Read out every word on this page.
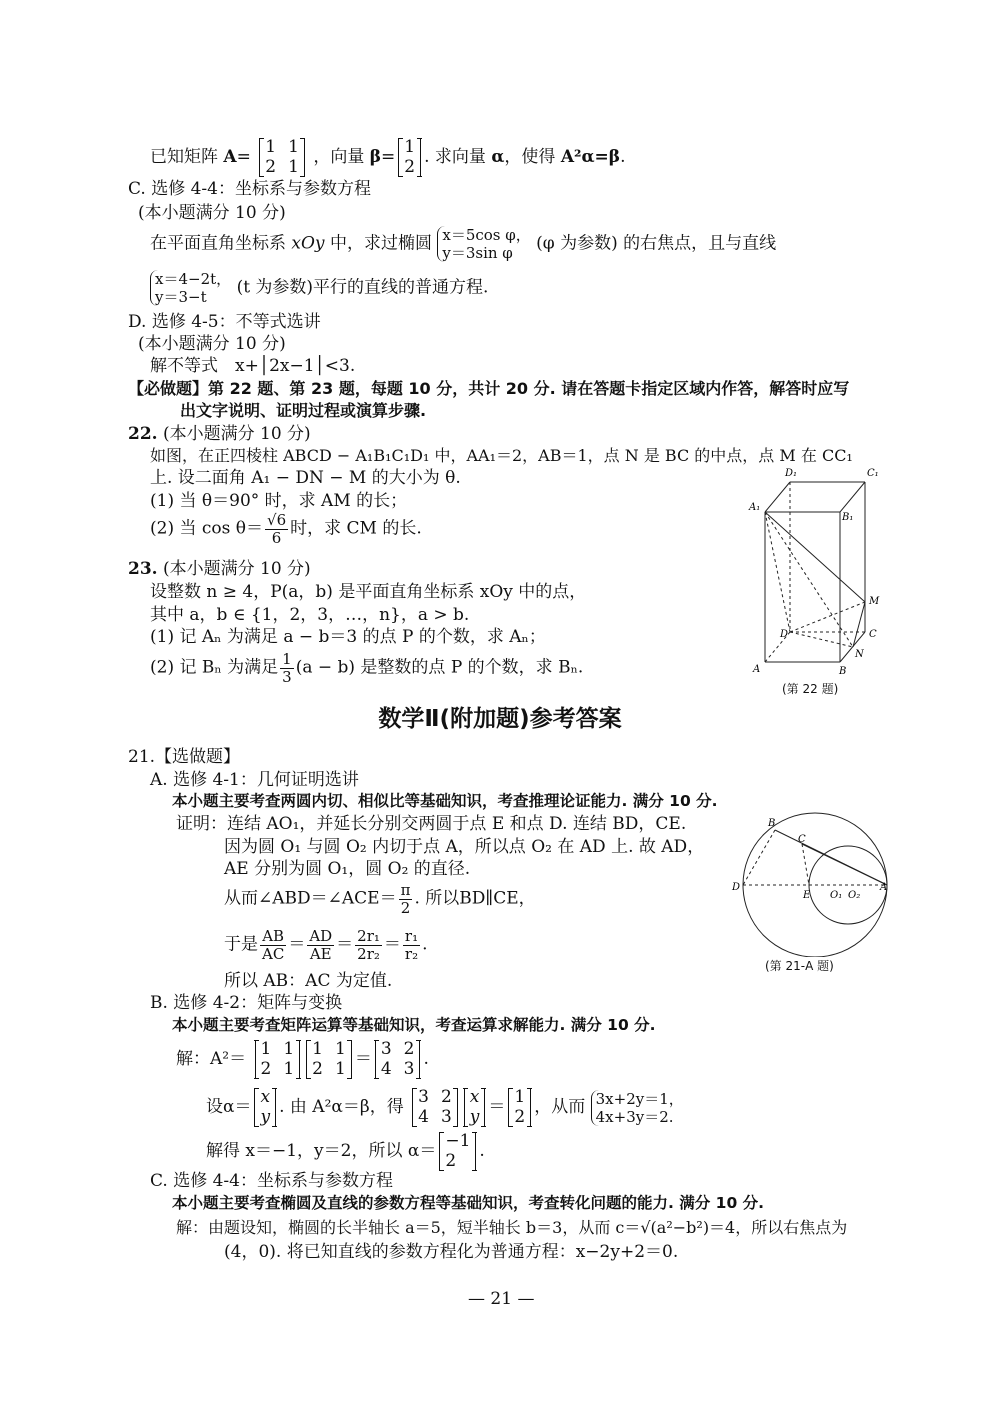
已知矩阵 A=
1 1
2 1 ，向量 β=
1
2 . 求向量 α，使得 A²α=β.
C. 选修 4-4：坐标系与参数方程
(本小题满分 10 分)
在平面直角坐标系 xOy 中，求过椭圆 x＝5cos φ，
y＝3sin φ	(φ 为参数) 的右焦点，且与直线
x＝4−2t，
y＝3−t	(t 为参数)平行的直线的普通方程.
D. 选修 4-5：不等式选讲
(本小题满分 10 分)
解不等式　x+│2x−1│<3.
【必做题】第 22 题、第 23 题，每题 10 分，共计 20 分. 请在答题卡指定区域内作答，解答时应写
出文字说明、证明过程或演算步骤.
22. (本小题满分 10 分)
如图，在正四棱柱 ABCD − A₁B₁C₁D₁ 中，AA₁＝2，AB＝1，点 N 是 BC 的中点，点 M 在 CC₁
上. 设二面角 A₁ − DN − M 的大小为 θ.
(1) 当 θ＝90° 时，求 AM 的长；
(2) 当 $\cos \theta= \frac{√6}{6}$ 时，求 CM 的长.
A₁
B₁
C₁
D₁
A	B
C
D
M
N
(第 22 题)
23. (本小题满分 10 分)
设整数 n ≥ 4，P(a，b) 是平面直角坐标系 xOy 中的点，
其中 a，b ∈ {1，2，3，…，n}，a > b.
(1) 记 Aₙ 为满足 a − b＝3 的点 P 的个数，求 Aₙ；
(2) 记 Bₙ 为满足 $\frac{1}{3} (a - b)$ 是整数的点 P 的个数，求 Bₙ.
数学Ⅱ(附加题)参考答案
21.【选做题】
A. 选修 4-1：几何证明选讲
本小题主要考查两圆内切、相似比等基础知识，考查推理论证能力. 满分 10 分.
证明：连结 AO₁，并延长分别交两圆于点 E 和点 D. 连结 BD，CE.
因为圆 O₁ 与圆 O₂ 内切于点 A，所以点 O₂ 在 AD 上. 故 AD，
AE 分别为圆 O₁，圆 O₂ 的直径.
从而∠ABD＝∠ACE＝ $\frac{\pi}{2}$ . 所以BD∥CE，
于是 $\frac{AB}{AC} = \frac{AD}{AE} = \frac{\text{2r₁}}{\text{2r₂}} = \frac{\text{r₁}}{\text{r₂}}$ .
所以 AB：AC 为定值.
B
C
D
E O₁ O₂
A
(第 21-A 题)
B. 选修 4-2：矩阵与变换
本小题主要考查矩阵运算等基础知识，考查运算求解能力. 满分 10 分.
解：A²＝
1 1
2 1
1 1
2 1 ＝
3 2
4 3 .
设α＝
x
y . 由 A²α＝β，得
3 2
4 3
x
y ＝
1
2 ，从而 3x+2y＝1，
4x+3y＝2.
解得 x＝−1，y＝2，所以 α＝
−1
2 .
C. 选修 4-4：坐标系与参数方程
本小题主要考查椭圆及直线的参数方程等基础知识，考查转化问题的能力. 满分 10 分.
解：由题设知，椭圆的长半轴长 a＝5，短半轴长 b＝3，从而 c＝√(a²−b²)＝4，所以右焦点为
(4，0). 将已知直线的参数方程化为普通方程：x−2y+2＝0.
— 21 —
